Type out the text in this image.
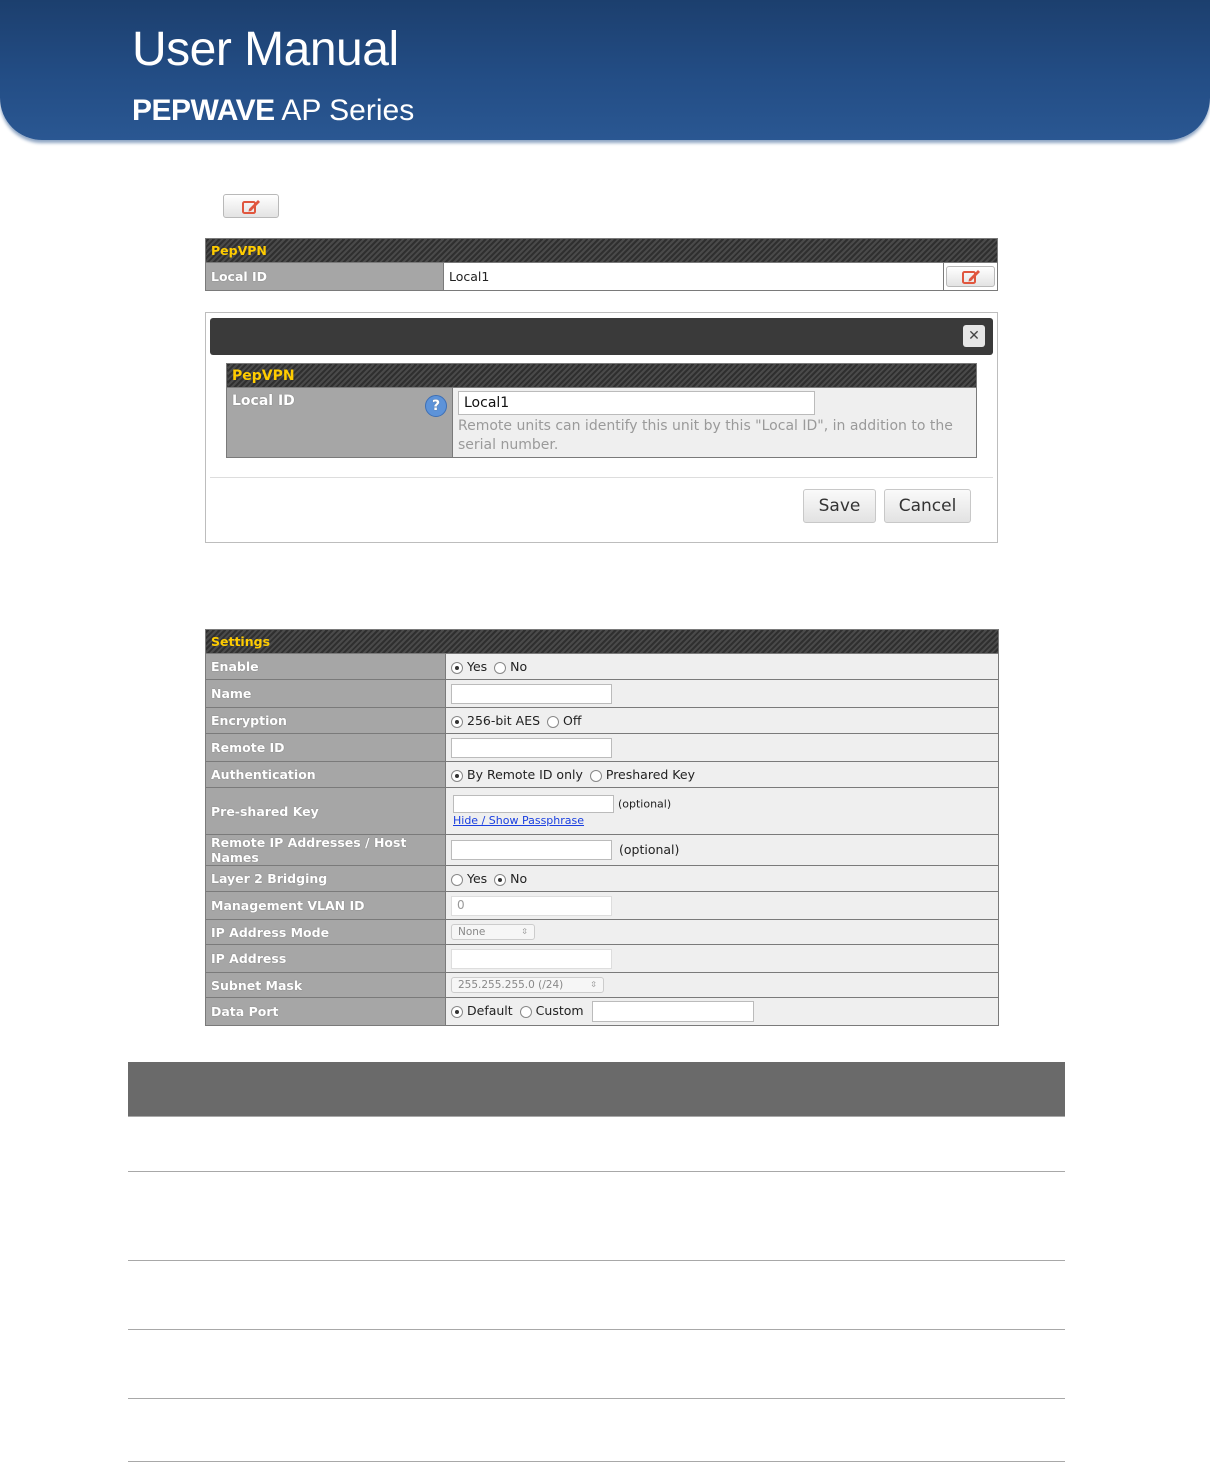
User Manual
PEPWAVE AP Series
PepVPN
Local ID	Local1	
✕
PepVPN
Local ID	?	Local1
Remote units can identify this unit by this "Local ID", in addition to the serial number.
Save	Cancel
Settings	
Enable	Yes No
Name	
Encryption	256-bit AES Off
Remote ID	
Authentication	By Remote ID only Preshared Key
Pre-shared Key	(optional)
Hide / Show Passphrase
Remote IP Addresses / Host Names	(optional)
Layer 2 Bridging	Yes No
Management VLAN ID	0
IP Address Mode	None ⇳

IP Address	
Subnet Mask	255.255.255.0 (/24) ⇳

Data Port	Default Custom
